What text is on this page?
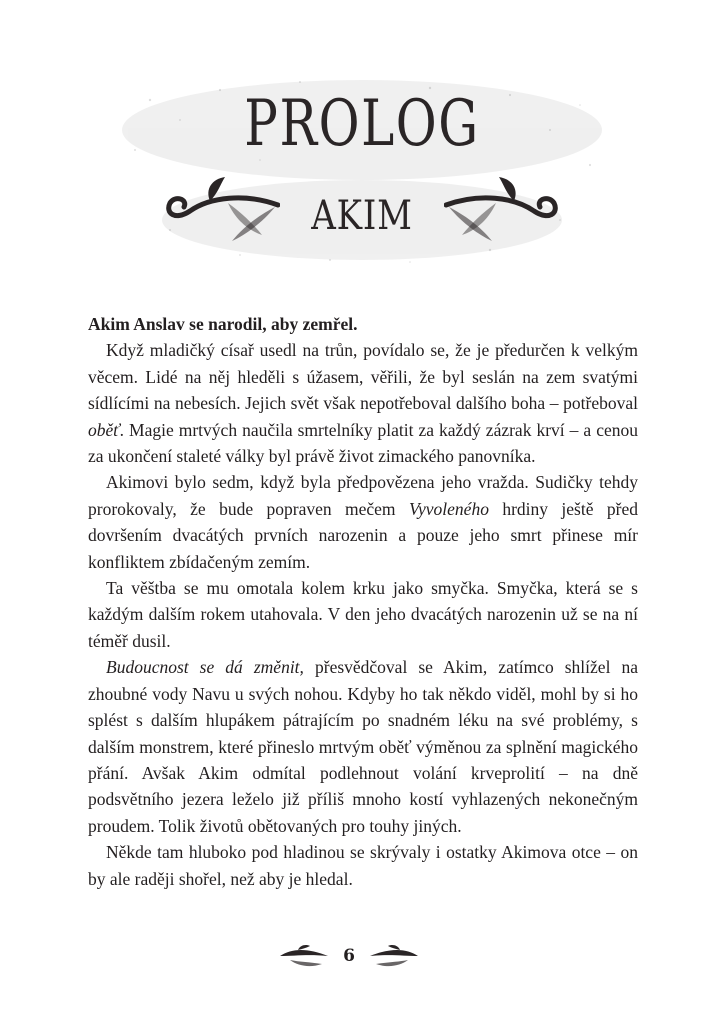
PROLOG
AKIM

Akim Anslav se narodil, aby zemřel.

Když mladičký císař usedl na trůn, povídalo se, že je předurčen k velkým věcem. Lidé na něj hleděli s úžasem, věřili, že byl seslán na zem svatými sídlícími na nebesích. Jejich svět však nepotřeboval dalšího boha – potřeboval oběť. Magie mrtvých naučila smrtelníky platit za každý zázrak krví – a cenou za ukončení staleté války byl právě život zimackého panovníka.

Akimovi bylo sedm, když byla předpovězena jeho vražda. Sudičky tehdy prorokovaly, že bude popraven mečem Vyvoleného hrdiny ještě před dovršením dvacátých prvních narozenin a pouze jeho smrt přinese mír konfliktem zbídačeným zemím.

Ta věštba se mu omotala kolem krku jako smyčka. Smyčka, která se s každým dalším rokem utahovala. V den jeho dvacátých narozenin už se na ní téměř dusil.

Budoucnost se dá změnit, přesvědčoval se Akim, zatímco shlížel na zhoubné vody Navu u svých nohou. Kdyby ho tak někdo viděl, mohl by si ho splést s dalším hlupákem pátrajícím po snadném léku na své problémy, s dalším monstrem, které přineslo mrtvým oběť výměnou za splnění magického přání. Avšak Akim odmítal podlehnout volání krveprolití – na dně podsvětního jezera leželo již příliš mnoho kostí vyhlazených nekonečným proudem. Tolik životů obětovaných pro touhy jiných.

Někde tam hluboko pod hladinou se skrývaly i ostatky Akimova otce – on by ale raději shořel, než aby je hledal.

6
